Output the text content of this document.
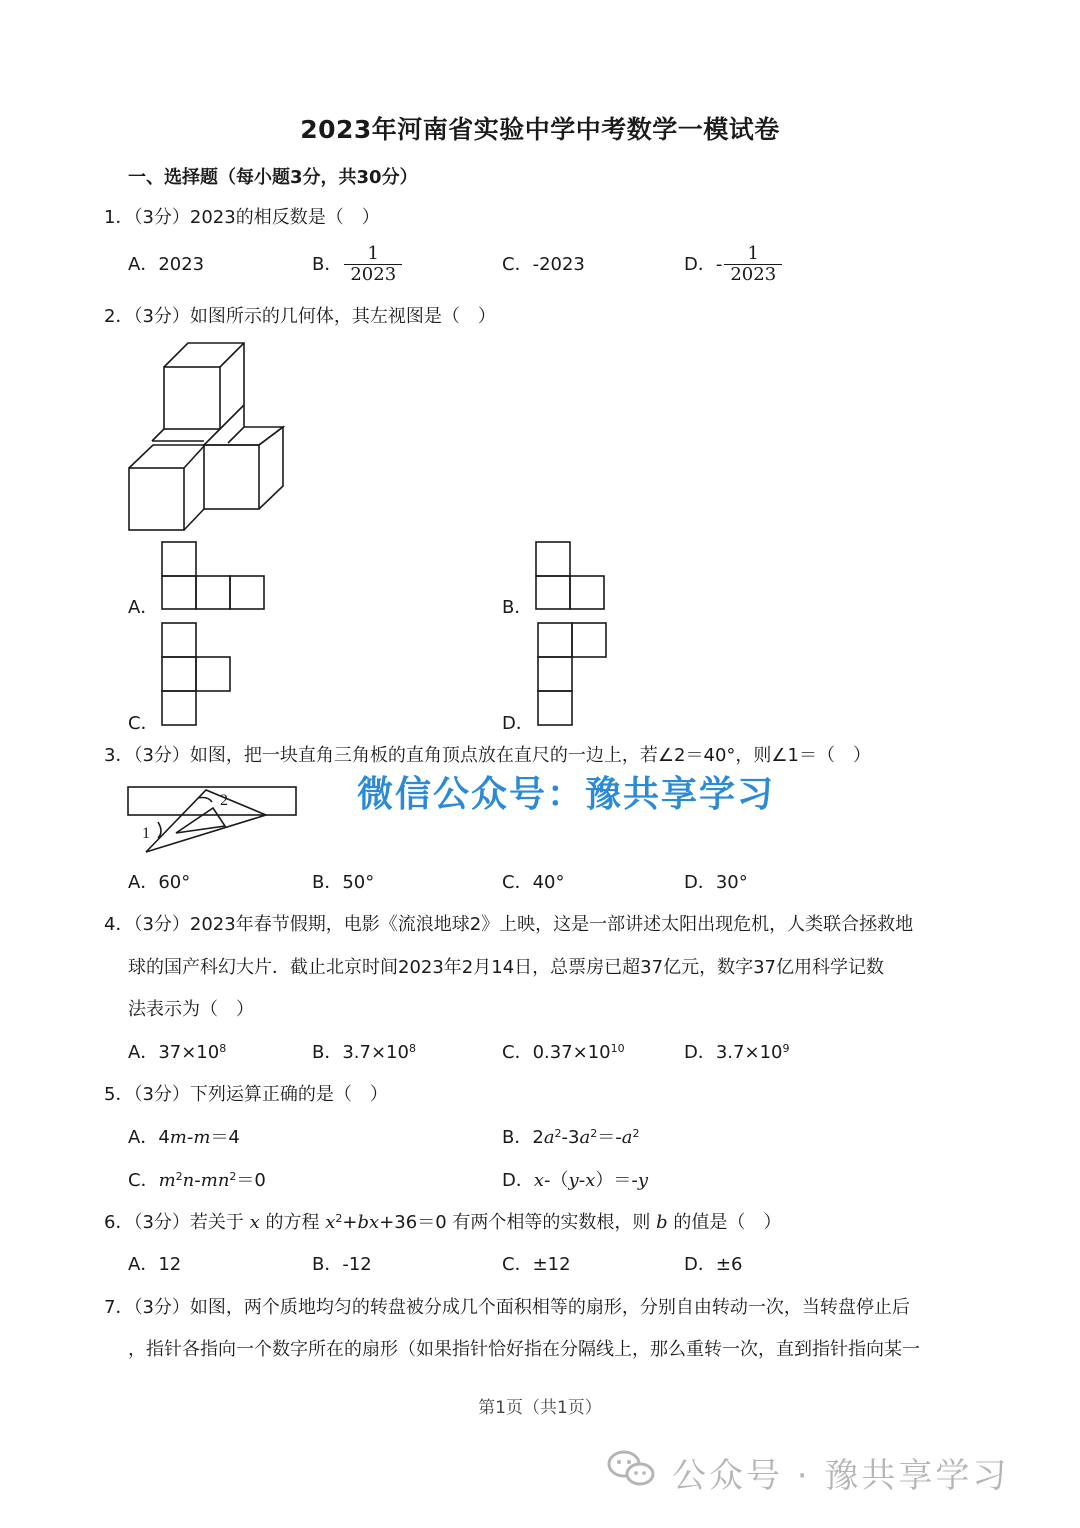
2023年河南省实验中学中考数学一模试卷
一、选择题（每小题3分，共30分）
1．（3分）2023的相反数是（　）
A．2023	B． $\frac{1}{2023}$	C．-2023	D．- $\frac{1}{2023}$
2．（3分）如图所示的几何体，其左视图是（　）
A．	B．
C．	D．
3．（3分）如图，把一块直角三角板的直角顶点放在直尺的一边上，若∠2＝40°，则∠1＝（　）
2
1
微信公众号：豫共享学习
A．60°	B．50°	C．40°	D．30°
4．（3分）2023年春节假期，电影《流浪地球2》上映，这是一部讲述太阳出现危机，人类联合拯救地
球的国产科幻大片．截止北京时间2023年2月14日，总票房已超37亿元，数字37亿用科学记数
法表示为（　）
A．$37\times 10^8$	B．$3.7\times 10^8$	C．$0.37\times 10^{10}$	D．$3.7\times 10^9$
5．（3分）下列运算正确的是（　）
A．4m-m＝4	B．$2a^2-3a^2=-a^2$
C．$m^2n-mn^2=0$	D．x-（y-x）＝-y
6．（3分）若关于 x 的方程 $x^2+bx+36=0$ 有两个相等的实数根，则 b 的值是（　）
A．12	B．-12	C．±12	D．±6
7．（3分）如图，两个质地均匀的转盘被分成几个面积相等的扇形，分别自由转动一次，当转盘停止后
，指针各指向一个数字所在的扇形（如果指针恰好指在分隔线上，那么重转一次，直到指针指向某一
第1页（共1页）
公众号 · 豫共享学习
